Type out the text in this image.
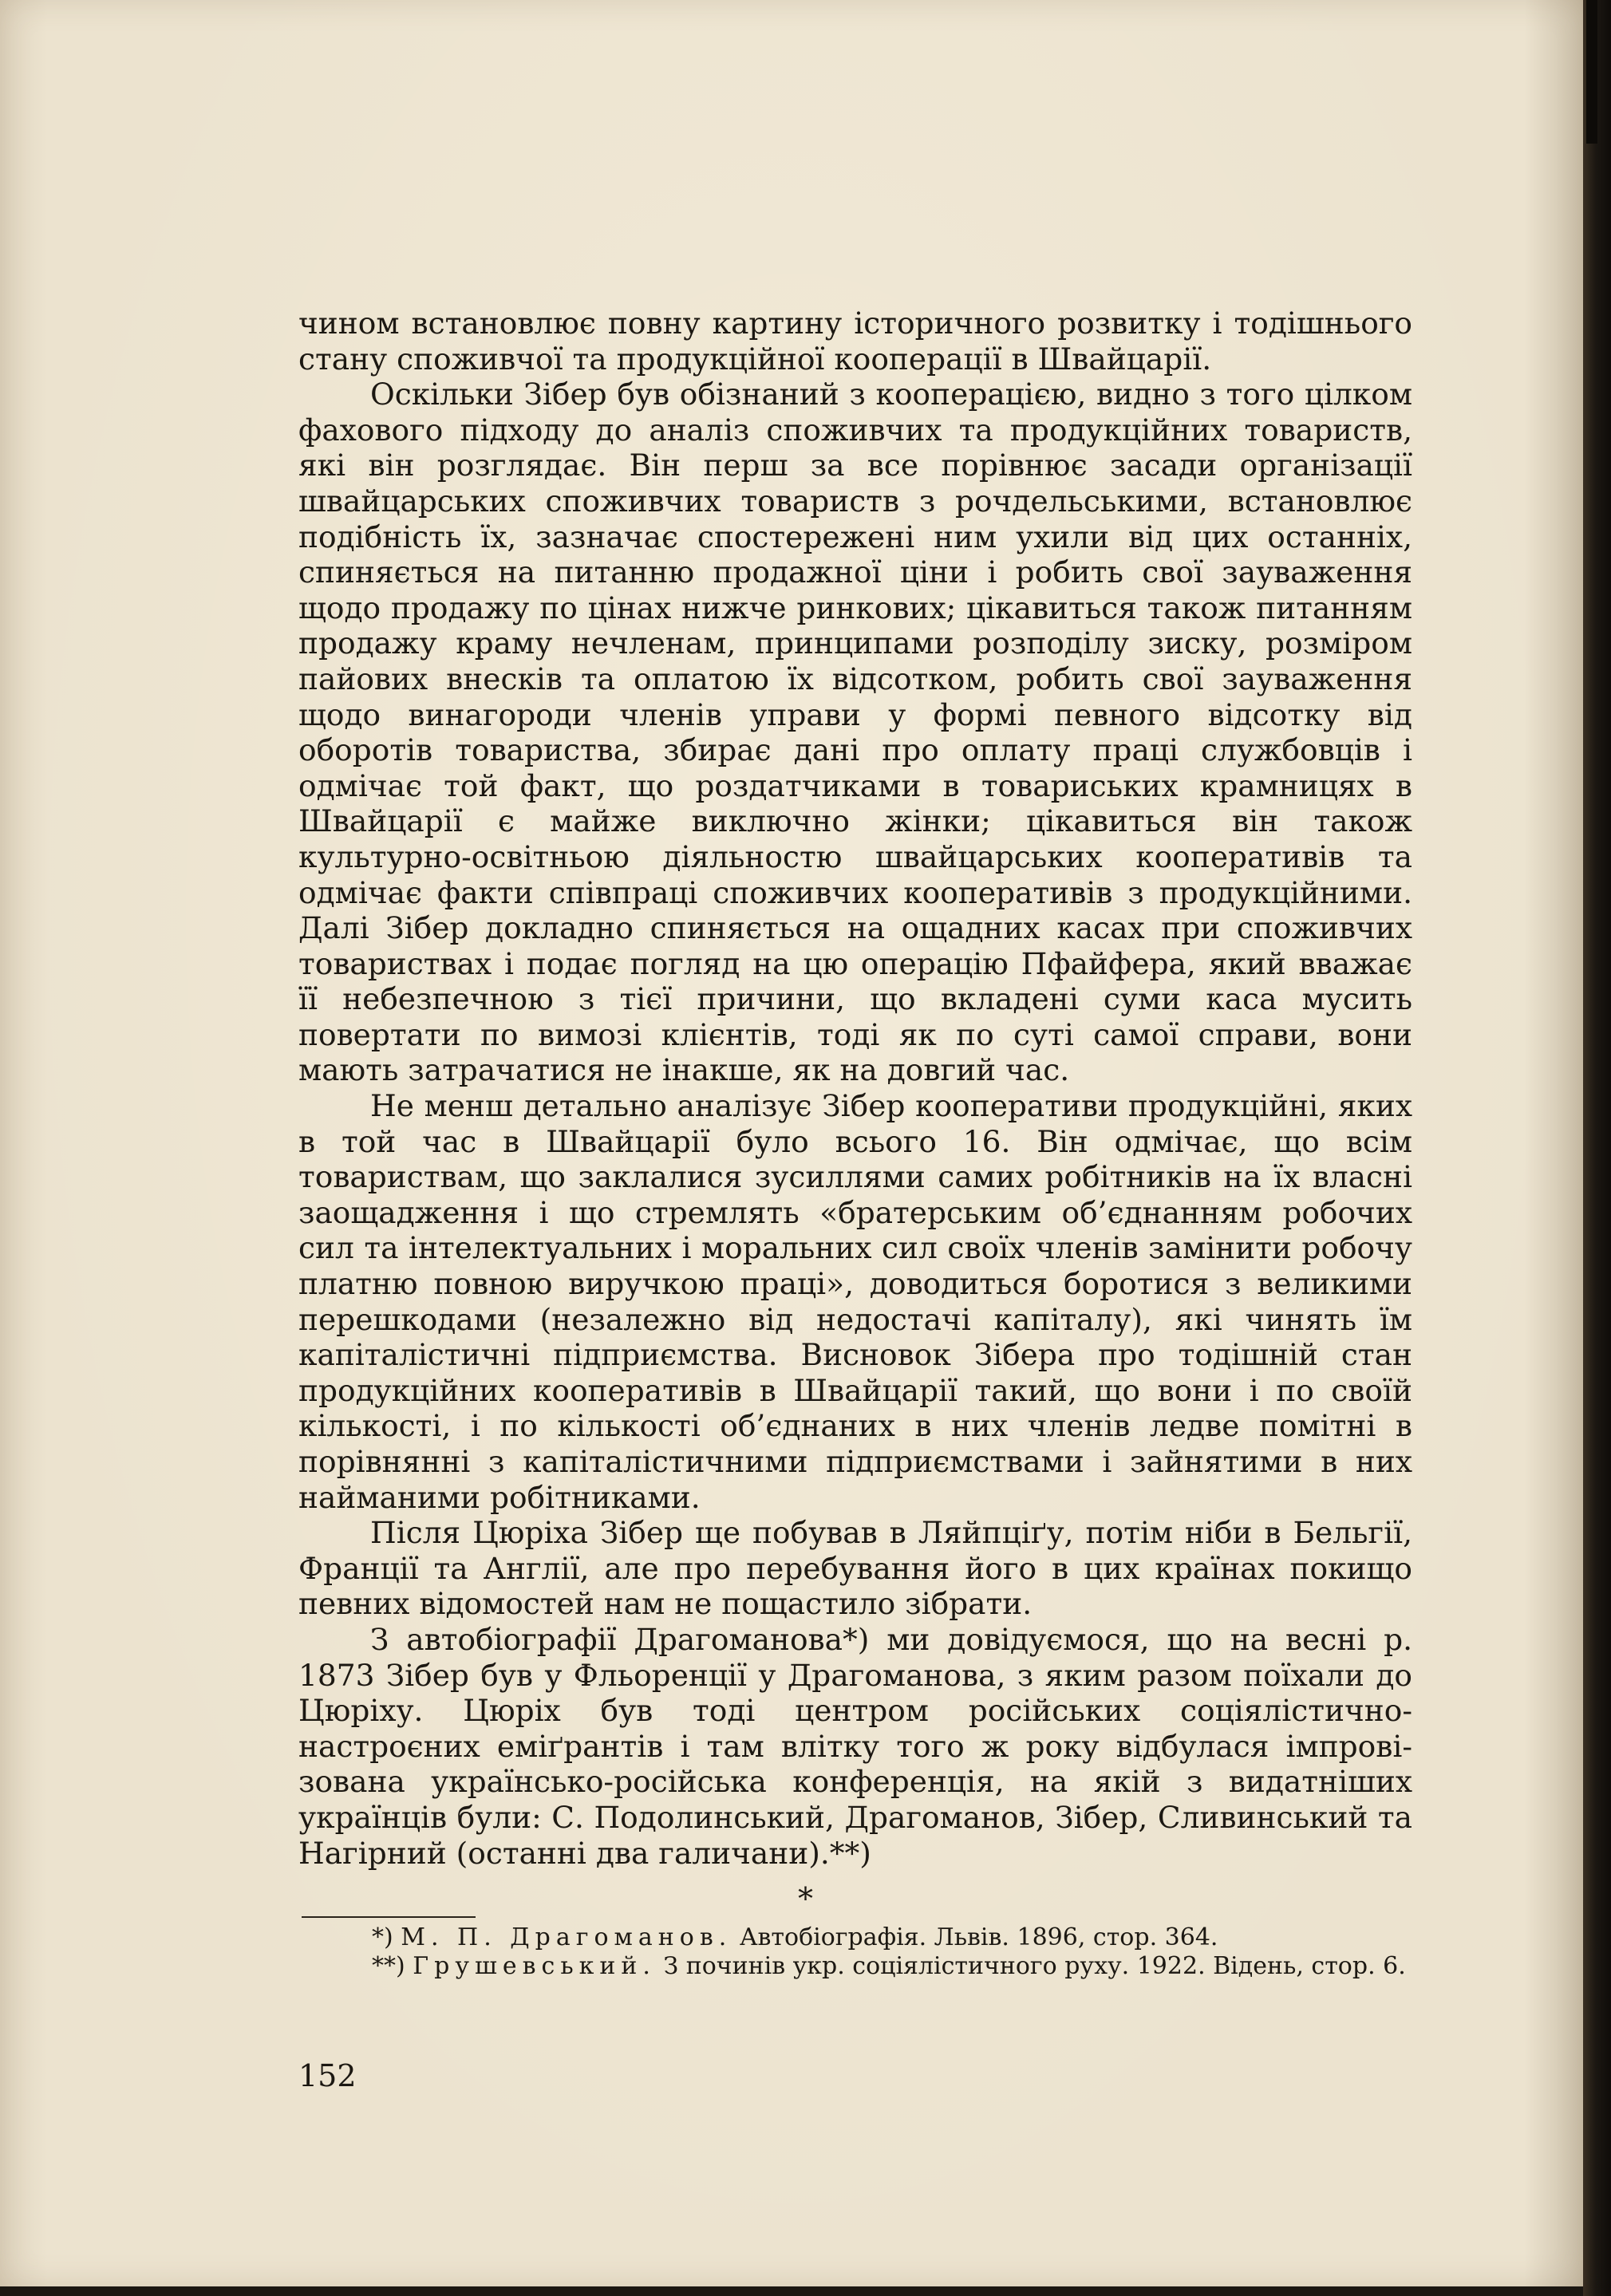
чином встановлює повну картину історичного розвитку і тодішнього стану споживчої та продукційної кооперації в Швайцарії.

Оскільки Зібер був обізнаний з кооперацією, видно з того цілком фахового підходу до аналіз споживчих та продукційних товариств, які він розглядає. Він перш за все порівнює засади організації швайцарських споживчих товариств з рочдельськими, встановлює подібність їх, зазначає спостережені ним ухили від цих останніх, спиняється на питанню продажної ціни і робить свої зауваження щодо продажу по цінах нижче ринкових; цікавиться також питанням продажу краму нечленам, принципами розподілу зиску, розміром пайових внесків та оплатою їх відсотком, робить свої зауваження щодо винагороди членів управи у формі певного відсотку від оборотів товариства, збирає дані про оплату праці службовців і одмічає той факт, що роздатчиками в товариських крамницях в Швайцарії є майже виключно жінки; цікавиться він також культурно-освітньою діяльностю швайцарських кооперативів та одмічає факти співпраці споживчих кооперативів з продукційними. Далі Зібер докладно спиняється на ощадних касах при споживчих товариствах і подає погляд на цю операцію Пфайфера, який вважає її небезпечною з тієї причини, що вкладені суми каса мусить повертати по вимозі клієнтів, тоді як по суті самої справи, вони мають затрачатися не інакше, як на довгий час.

Не менш детально аналізує Зібер кооперативи продукційні, яких в той час в Швайцарії було всього 16. Він одмічає, що всім товариствам, що заклалися зусиллями самих робітників на їх власні заощадження і що стремлять «братерським об’єднанням робочих сил та інтелектуальних і моральних сил своїх членів замінити робочу платню повною виручкою праці», доводиться боротися з великими перешкодами (незалежно від недостачі капіталу), які чинять їм капіталістичні підприємства. Висновок Зібера про тодішній стан продукційних кооперативів в Швайцарії такий, що вони і по своїй кількості, і по кількості об’єднаних в них членів ледве помітні в порівнянні з капіталістичними підприємствами і зайнятими в них найманими робітниками.

Після Цюріха Зібер ще побував в Ляйпціґу, потім ніби в Бельгії, Франції та Англії, але про перебування його в цих країнах покищо певних відомостей нам не пощастило зібрати.

З автобіографії Драгоманова*) ми довідуємося, що на весні р. 1873 Зібер був у Фльоренції у Драгоманова, з яким разом поїхали до Цюріху. Цюріх був тоді центром російських соціялістично-настроєних еміґрантів і там влітку того ж року відбулася імпровізована українсько-російська конференція, на якій з видатніших українців були: С. Подолинський, Драгоманов, Зібер, Сливинський та Нагірний (останні два галичани).**)

*

*) М. П. Драгоманов. Автобіографія. Львів. 1896, стор. 364.

**) Грушевський. З починів укр. соціялістичного руху. 1922. Відень, стор. 6.

152
